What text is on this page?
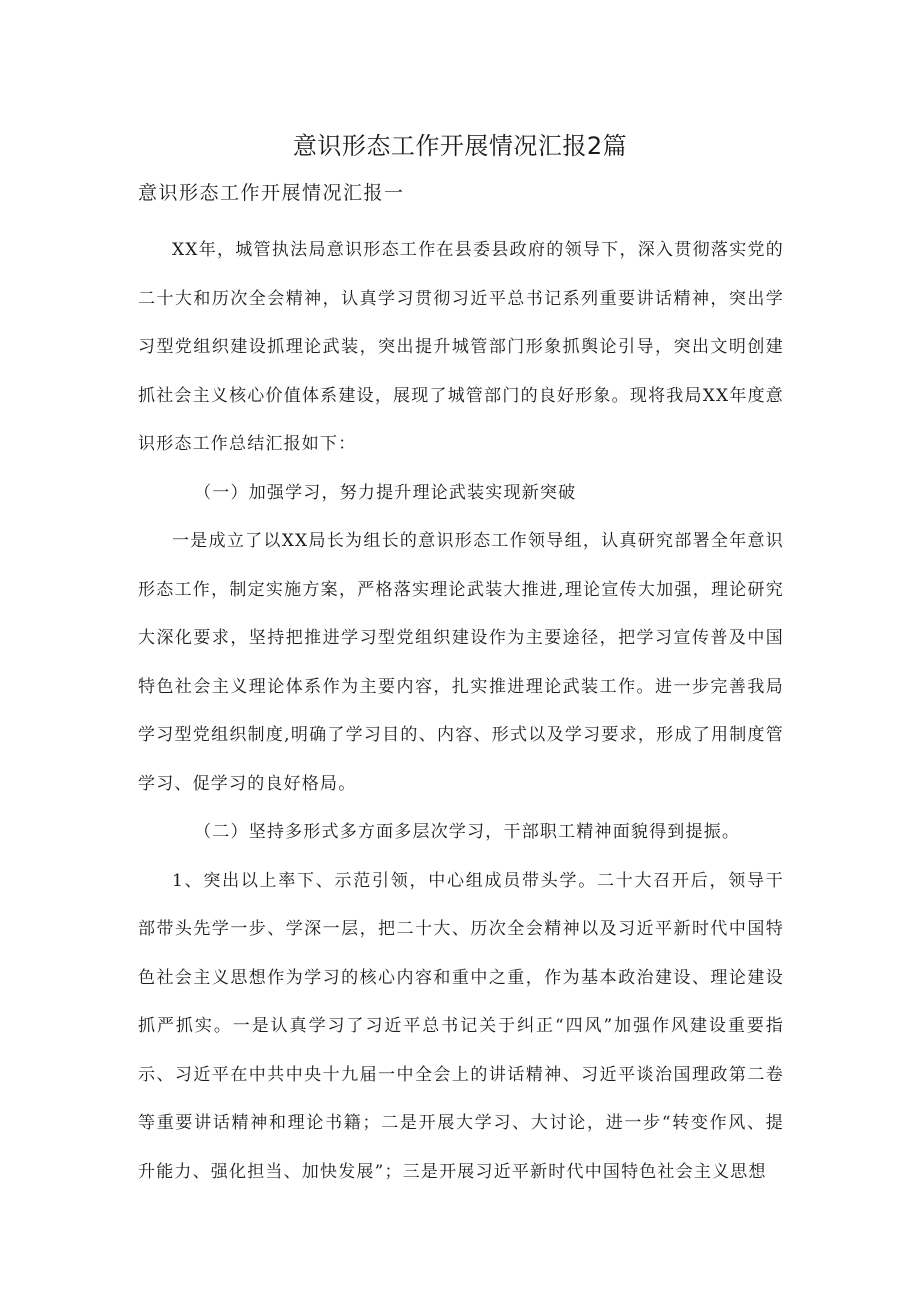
意识形态工作开展情况汇报2篇
意识形态工作开展情况汇报一

XX年，城管执法局意识形态工作在县委县政府的领导下，深入贯彻落实党的二十大和历次全会精神，认真学习贯彻习近平总书记系列重要讲话精神，突出学习型党组织建设抓理论武装，突出提升城管部门形象抓舆论引导，突出文明创建抓社会主义核心价值体系建设，展现了城管部门的良好形象。现将我局XX年度意识形态工作总结汇报如下：

（一）加强学习，努力提升理论武装实现新突破

一是成立了以XX局长为组长的意识形态工作领导组，认真研究部署全年意识形态工作，制定实施方案，严格落实理论武装大推进,理论宣传大加强，理论研究大深化要求，坚持把推进学习型党组织建设作为主要途径，把学习宣传普及中国特色社会主义理论体系作为主要内容，扎实推进理论武装工作。进一步完善我局学习型党组织制度,明确了学习目的、内容、形式以及学习要求，形成了用制度管学习、促学习的良好格局。

（二）坚持多形式多方面多层次学习，干部职工精神面貌得到提振。

1、突出以上率下、示范引领，中心组成员带头学。二十大召开后，领导干部带头先学一步、学深一层，把二十大、历次全会精神以及习近平新时代中国特色社会主义思想作为学习的核心内容和重中之重，作为基本政治建设、理论建设抓严抓实。一是认真学习了习近平总书记关于纠正“四风”加强作风建设重要指示、习近平在中共中央十九届一中全会上的讲话精神、习近平谈治国理政第二卷等重要讲话精神和理论书籍；二是开展大学习、大讨论，进一步“转变作风、提升能力、强化担当、加快发展”；三是开展习近平新时代中国特色社会主义思想
